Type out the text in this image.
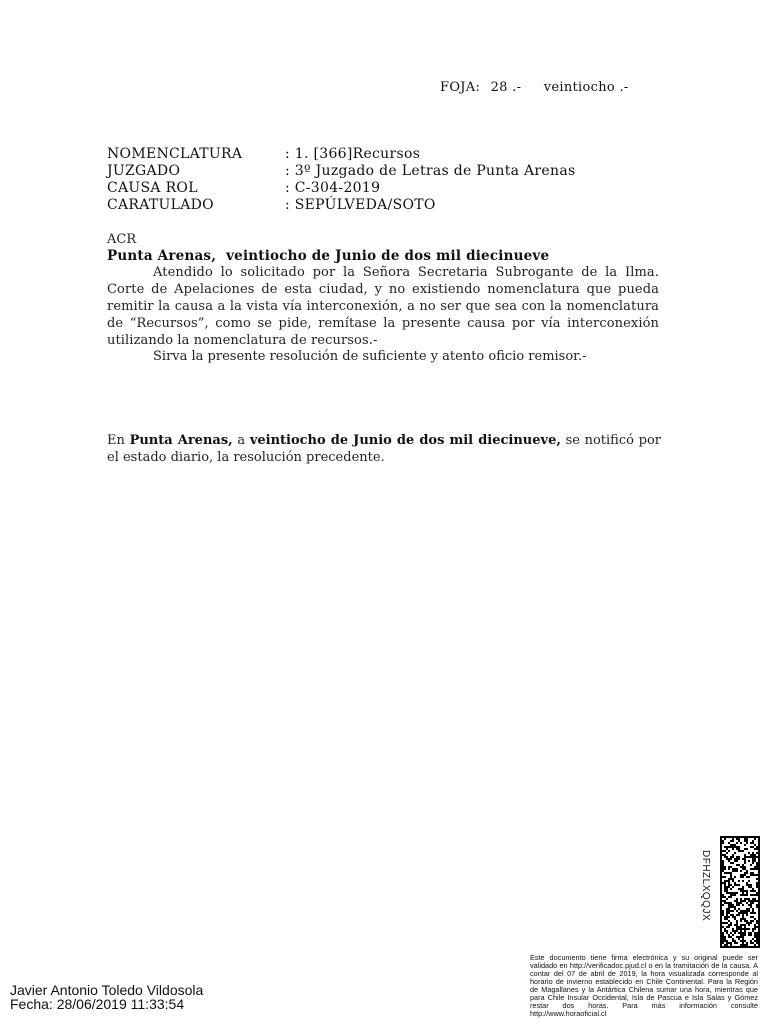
FOJA: 28 .- veintiocho .-
NOMENCLATURA	: 1. [366]Recursos
JUZGADO	: 3º Juzgado de Letras de Punta Arenas
CAUSA ROL	: C-304-2019
CARATULADO	: SEPÚLVEDA/SOTO
ACR
Punta Arenas, veintiocho de Junio de dos mil diecinueve
Atendido lo solicitado por la Señora Secretaria Subrogante de la Ilma. Corte de Apelaciones de esta ciudad, y no existiendo nomenclatura que pueda remitir la causa a la vista vía interconexión, a no ser que sea con la nomenclatura de “Recursos”, como se pide, remítase la presente causa por vía interconexión utilizando la nomenclatura de recursos.-
Sirva la presente resolución de suficiente y atento oficio remisor.-
En Punta Arenas, a veintiocho de Junio de dos mil diecinueve, se notificó por el estado diario, la resolución precedente.
DFHZLXQQJX
Este documento tiene firma electrónica y su original puede ser validado en http://verificadoc.pjud.cl o en la tramitación de la causa. A contar del 07 de abril de 2019, la hora visualizada corresponde al horario de invierno establecido en Chile Continental. Para la Región de Magallanes y la Antártica Chilena sumar una hora, mientras que para Chile Insular Occidental, Isla de Pascua e Isla Salas y Gómez restar dos horas. Para más información consulte http://www.horaoficial.cl
Javier Antonio Toledo Vildosola
Fecha: 28/06/2019 11:33:54
